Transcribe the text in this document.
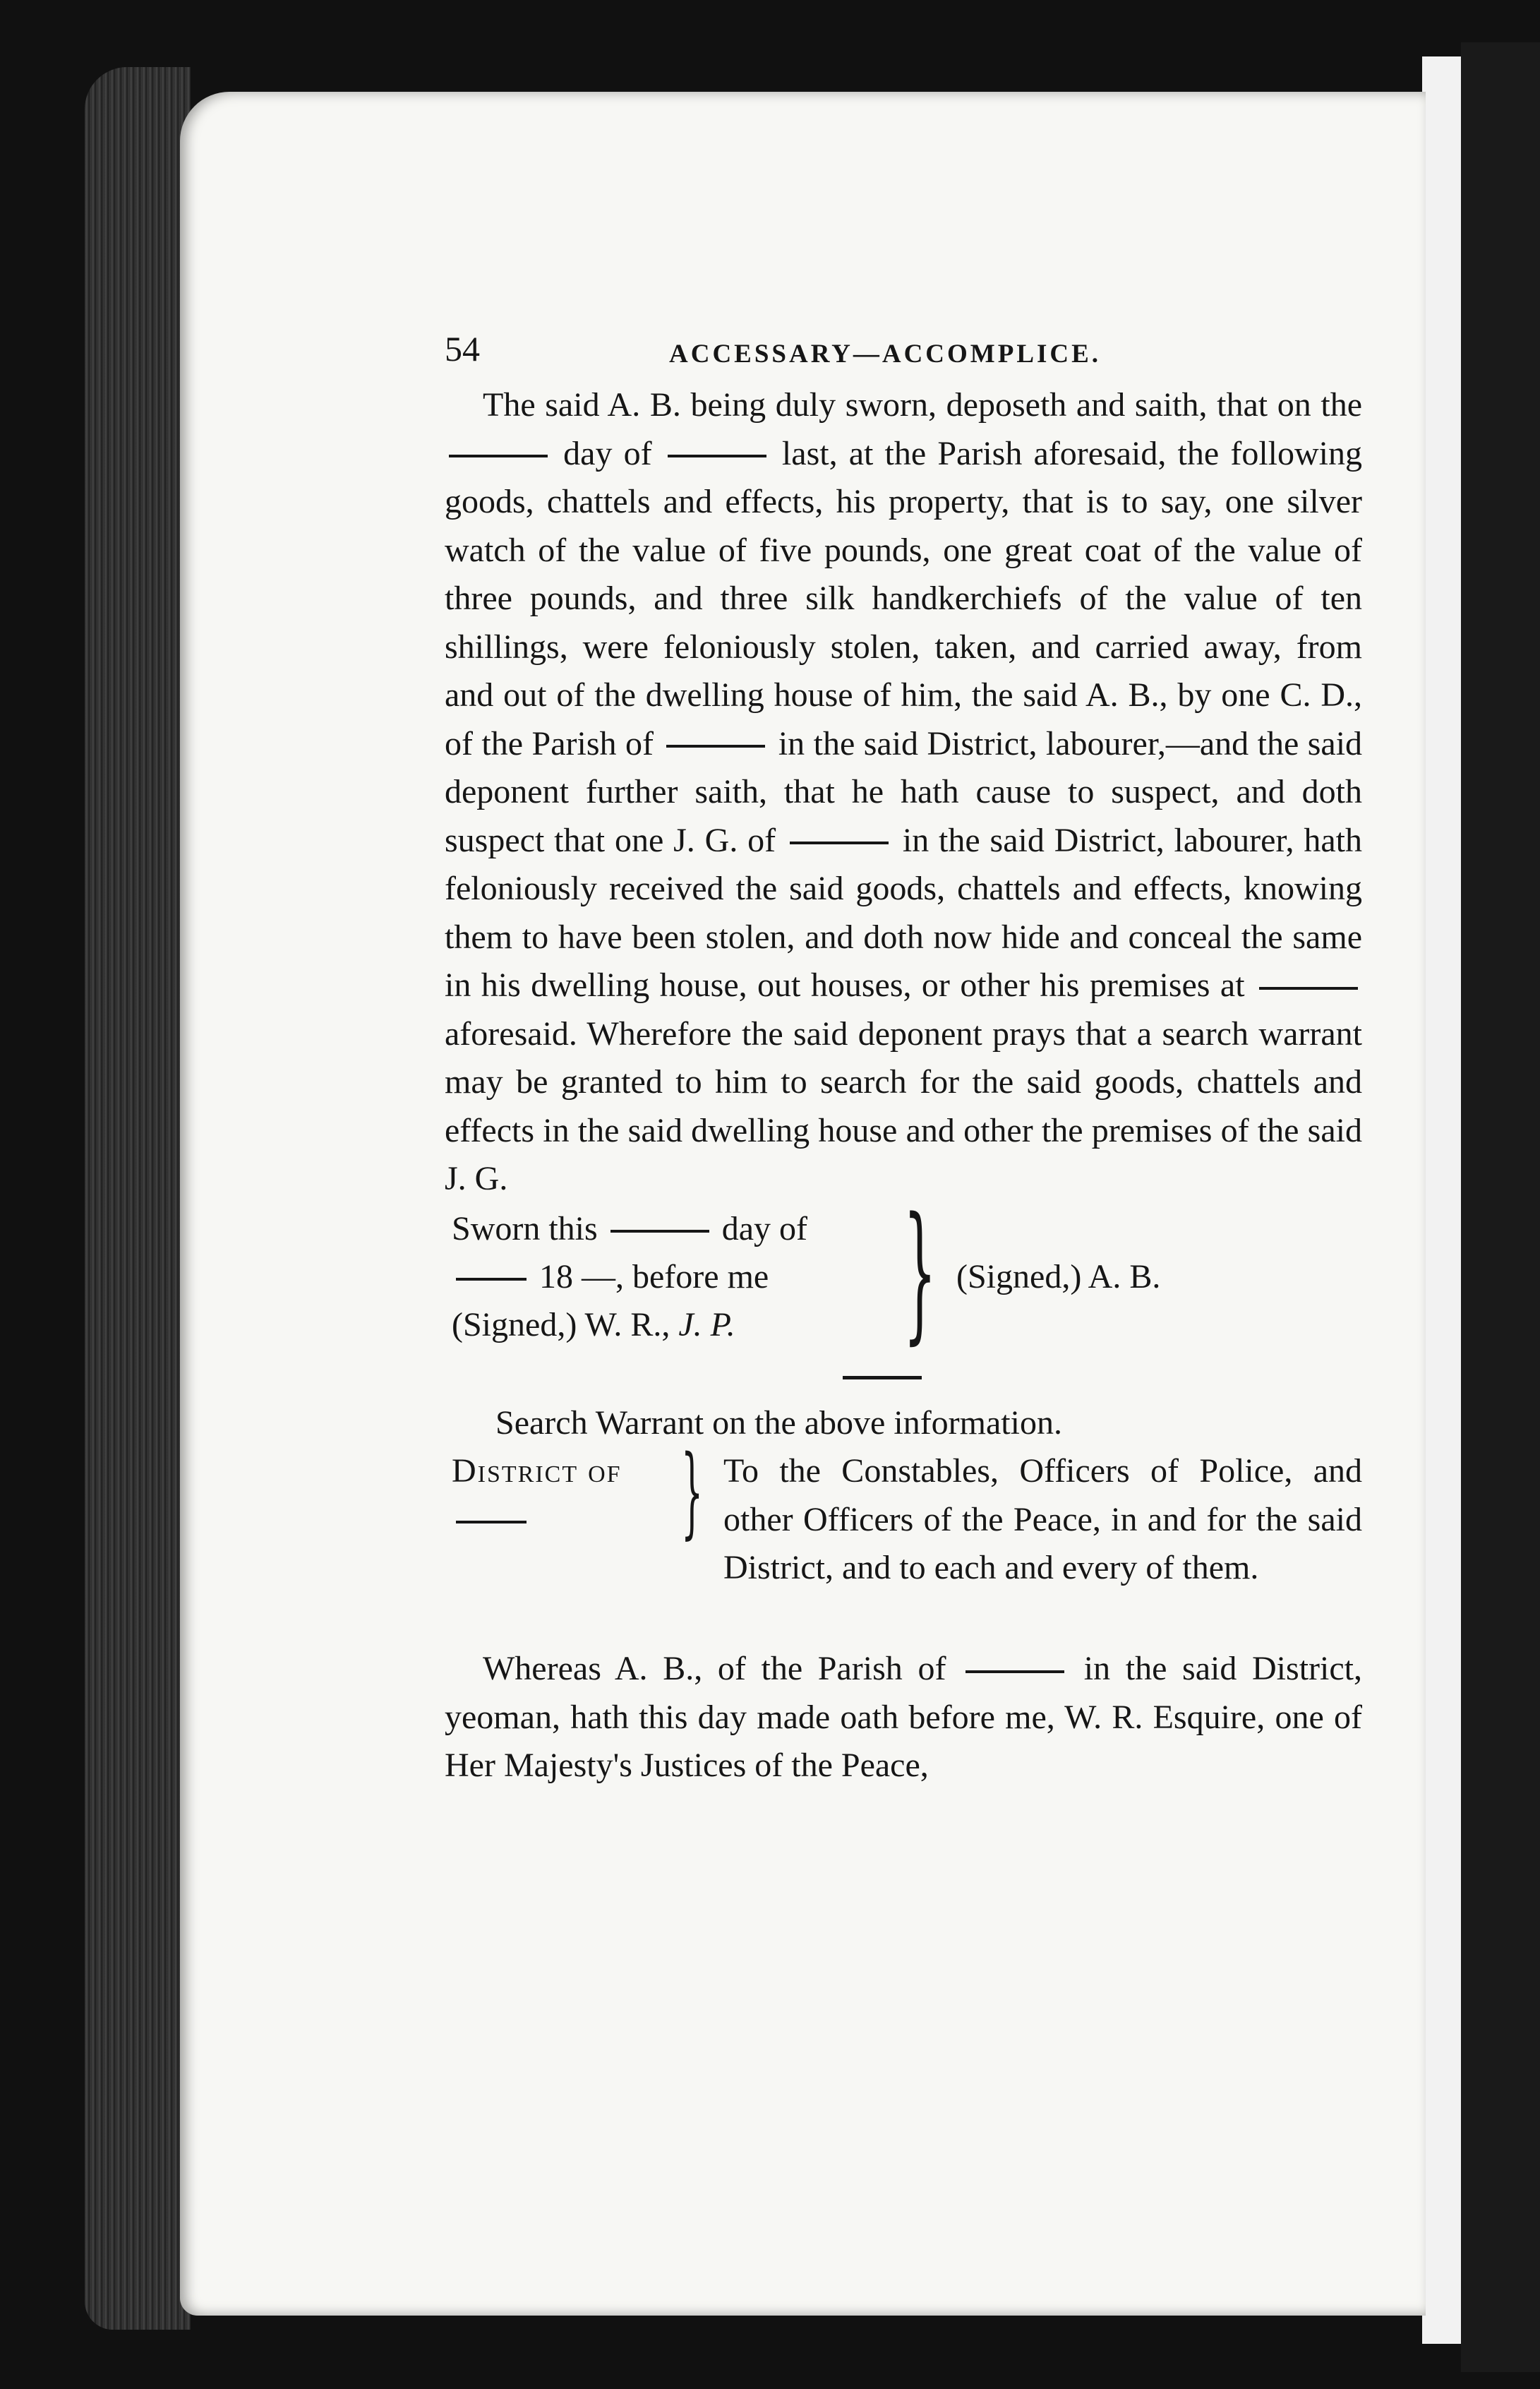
54	ACCESSARY—ACCOMPLICE.

The said A. B. being duly sworn, deposeth and saith, that on the  day of	last, at the Parish aforesaid, the following goods, chattels and effects, his property, that is to say, one silver watch of the value of five pounds, one great coat of the value of three pounds, and three silk handkerchiefs of the value of ten shillings, were feloniously stolen, taken, and carried away, from and out of the dwelling house of him, the said A. B., by one C. D., of the Parish of	in the said District, labourer,—and the said deponent further saith, that he hath cause to suspect, and doth suspect that one J. G. of	in the said District, labourer, hath feloniously received the said goods, chattels and effects, knowing them to have been stolen, and doth now hide and conceal the same in his dwelling house, out houses, or other his premises at  aforesaid. Wherefore the said deponent prays that a search warrant may be granted to him to search for the said goods, chattels and effects in the said dwelling house and other the premises of the said J. G.

Sworn this	day of
18 —, before me
(Signed,) W. R., J. P.	} (Signed,) A. B.

Search Warrant on the above information.

District of } To the Constables, Officers of Police, and other Officers of the Peace, in and for the said District, and to each and every of them.

Whereas A. B., of the Parish of	in the said District, yeoman, hath this day made oath before me, W. R. Esquire, one of Her Majesty's Justices of the Peace,
